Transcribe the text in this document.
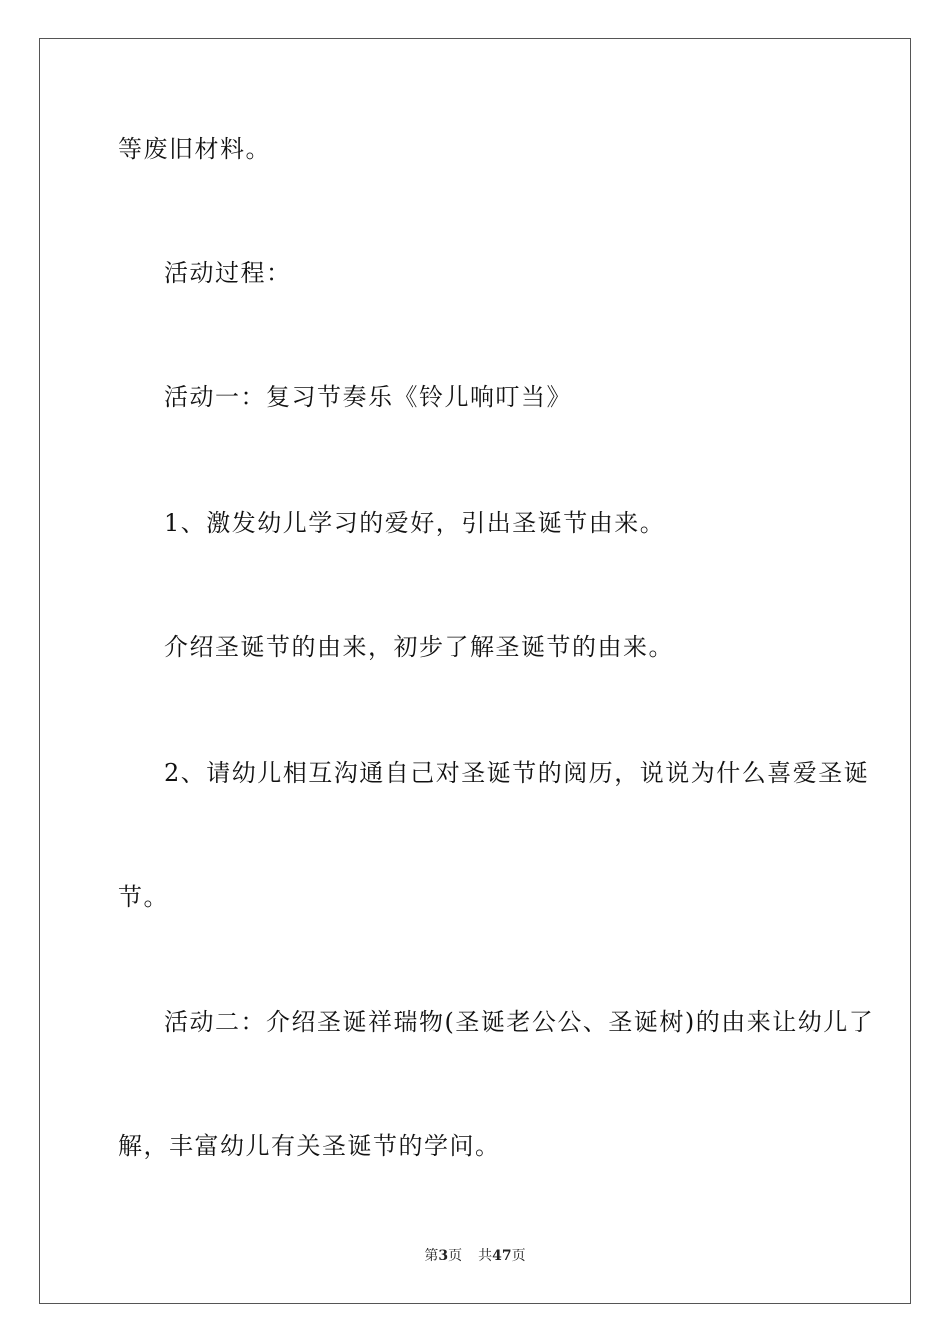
等废旧材料。
活动过程：
活动一：复习节奏乐《铃儿响叮当》
1、激发幼儿学习的爱好，引出圣诞节由来。
介绍圣诞节的由来，初步了解圣诞节的由来。
2、请幼儿相互沟通自己对圣诞节的阅历，说说为什么喜爱圣诞
节。
活动二：介绍圣诞祥瑞物(圣诞老公公、圣诞树)的由来让幼儿了
解，丰富幼儿有关圣诞节的学问。
第3页 共47页
